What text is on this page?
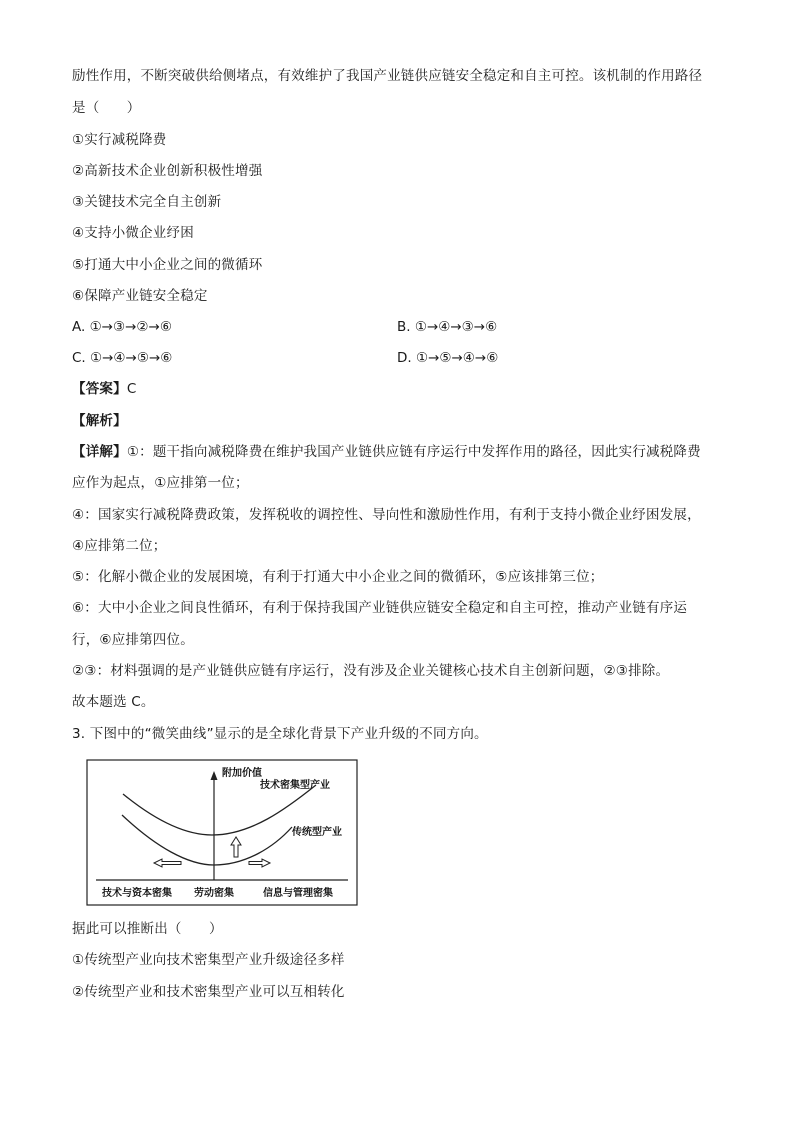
励性作用，不断突破供给侧堵点，有效维护了我国产业链供应链安全稳定和自主可控。该机制的作用路径
是（　　）
①实行减税降费
②高新技术企业创新积极性增强
③关键技术完全自主创新
④支持小微企业纾困
⑤打通大中小企业之间的微循环
⑥保障产业链安全稳定
A. ①→③→②→⑥	B. ①→④→③→⑥
C. ①→④→⑤→⑥	D. ①→⑤→④→⑥
【答案】C
【解析】
【详解】①：题干指向减税降费在维护我国产业链供应链有序运行中发挥作用的路径，因此实行减税降费
应作为起点，①应排第一位；
④：国家实行减税降费政策，发挥税收的调控性、导向性和激励性作用，有利于支持小微企业纾困发展，
④应排第二位；
⑤：化解小微企业的发展困境，有利于打通大中小企业之间的微循环，⑤应该排第三位；
⑥：大中小企业之间良性循环，有利于保持我国产业链供应链安全稳定和自主可控，推动产业链有序运
行，⑥应排第四位。
②③：材料强调的是产业链供应链有序运行，没有涉及企业关键核心技术自主创新问题，②③排除。
故本题选 C。
3. 下图中的“微笑曲线”显示的是全球化背景下产业升级的不同方向。
附加价值
技术密集型产业
传统型产业
技术与资本密集 劳动密集	信息与管理密集
据此可以推断出（　　）
①传统型产业向技术密集型产业升级途径多样
②传统型产业和技术密集型产业可以互相转化
